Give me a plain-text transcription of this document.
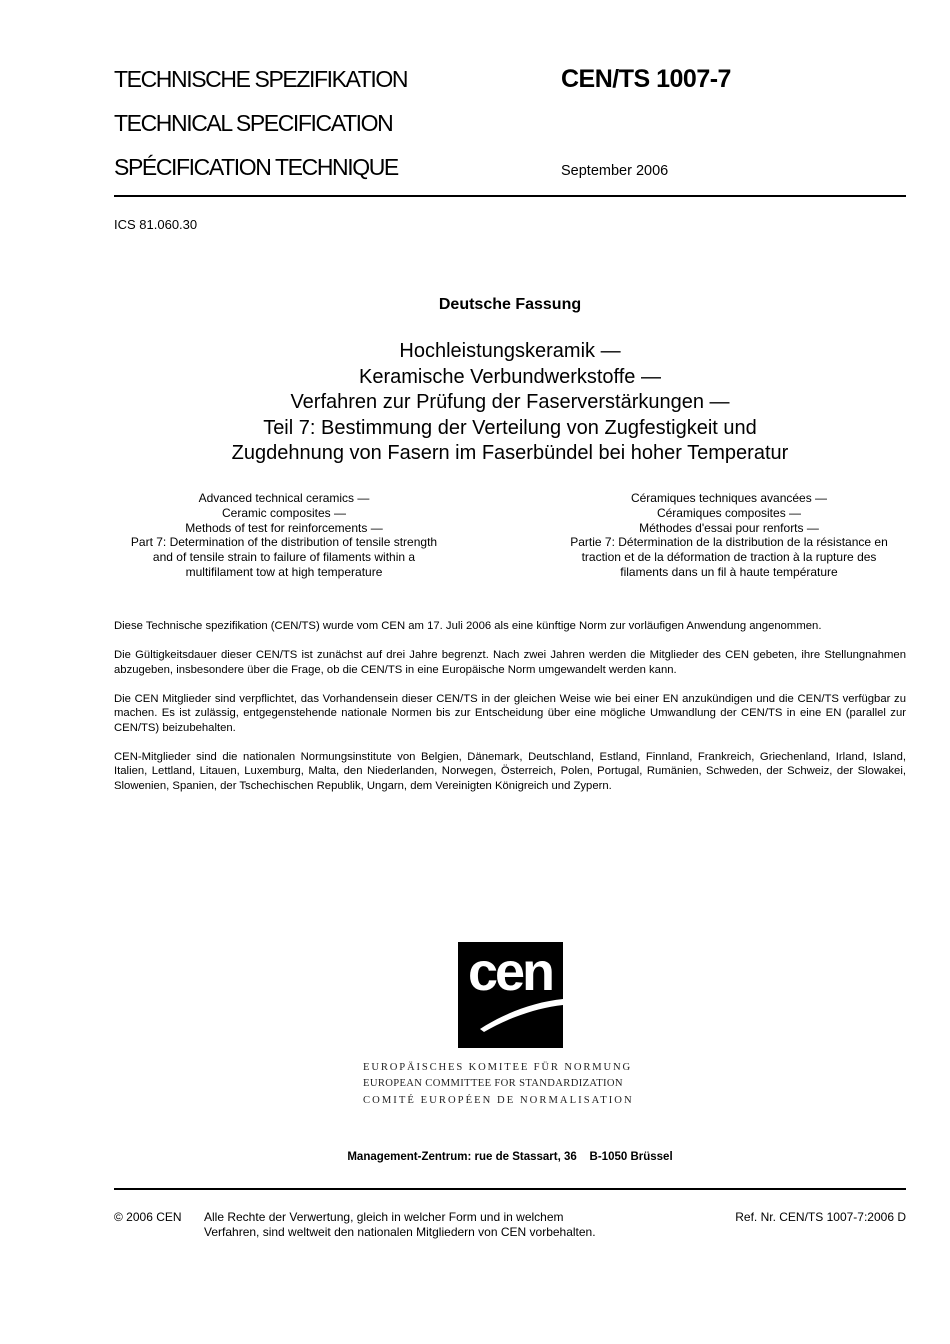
TECHNISCHE SPEZIFIKATION
TECHNICAL SPECIFICATION
SPÉCIFICATION TECHNIQUE
CEN/TS 1007-7
September 2006
ICS 81.060.30
Deutsche Fassung
Hochleistungskeramik —
Keramische Verbundwerkstoffe —
Verfahren zur Prüfung der Faserverstärkungen —
Teil 7: Bestimmung der Verteilung von Zugfestigkeit und
Zugdehnung von Fasern im Faserbündel bei hoher Temperatur
Advanced technical ceramics —
Ceramic composites —
Methods of test for reinforcements —
Part 7: Determination of the distribution of tensile strength
and of tensile strain to failure of filaments within a
multifilament tow at high temperature
Céramiques techniques avancées —
Céramiques composites —
Méthodes d'essai pour renforts —
Partie 7: Détermination de la distribution de la résistance en
traction et de la déformation de traction à la rupture des
filaments dans un fil à haute température

Diese Technische spezifikation (CEN/TS) wurde vom CEN am 17. Juli 2006 als eine künftige Norm zur vorläufigen Anwendung angenommen.

Die Gültigkeitsdauer dieser CEN/TS ist zunächst auf drei Jahre begrenzt. Nach zwei Jahren werden die Mitglieder des CEN gebeten, ihre Stellungnahmen abzugeben, insbesondere über die Frage, ob die CEN/TS in eine Europäische Norm umgewandelt werden kann.

Die CEN Mitglieder sind verpflichtet, das Vorhandensein dieser CEN/TS in der gleichen Weise wie bei einer EN anzukündigen und die CEN/TS verfügbar zu machen. Es ist zulässig, entgegenstehende nationale Normen bis zur Entscheidung über eine mögliche Umwandlung der CEN/TS in eine EN (parallel zur CEN/TS) beizubehalten.

CEN-Mitglieder sind die nationalen Normungsinstitute von Belgien, Dänemark, Deutschland, Estland, Finnland, Frankreich, Griechenland, Irland, Island, Italien, Lettland, Litauen, Luxemburg, Malta, den Niederlanden, Norwegen, Österreich, Polen, Portugal, Rumänien, Schweden, der Schweiz, der Slowakei, Slowenien, Spanien, der Tschechischen Republik, Ungarn, dem Vereinigten Königreich und Zypern.

cen
EUROPÄISCHES KOMITEE FÜR NORMUNG
EUROPEAN COMMITTEE FOR STANDARDIZATION
COMITÉ EUROPÉEN DE NORMALISATION
Management-Zentrum: rue de Stassart, 36    B-1050 Brüssel
© 2006 CEN Alle Rechte der Verwertung, gleich in welcher Form und in welchem
Verfahren, sind weltweit den nationalen Mitgliedern von CEN vorbehalten.
Ref. Nr. CEN/TS 1007-7:2006 D
